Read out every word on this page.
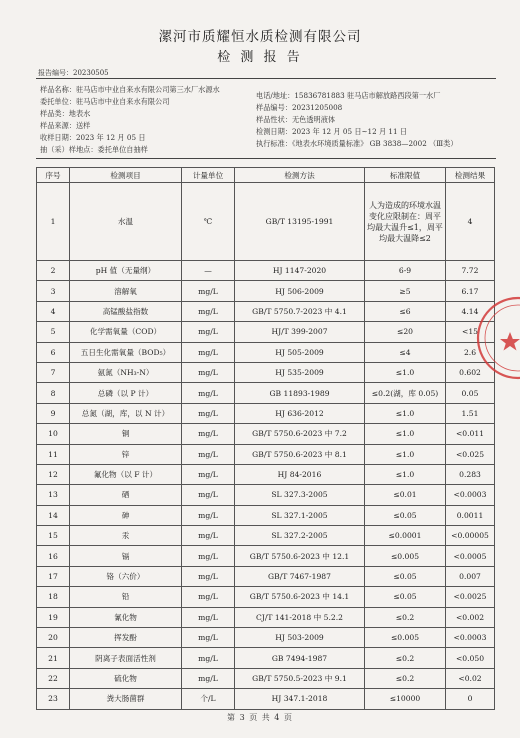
漯河市质耀恒水质检测有限公司
检 测 报 告
报告编号：20230505
样品名称：驻马店市中业自来水有限公司第三水厂水源水
委托单位：驻马店市中业自来水有限公司
样品类：地表水
样品来源：送样
收样日期：2023 年 12 月 05 日
抽（采）样地点：委托单位自抽样
电话/地址：15836781883 驻马店市解放路西段第一水厂
样品编号：20231205008
样品性状：无色透明液体
检测日期：2023 年 12 月 05 日~12 月 11 日
执行标准：《地表水环境质量标准》 GB 3838—2002 （Ⅲ类）
序号	检测项目	计量单位	检测方法	标准限值	检测结果
1	水温	℃	GB/T 13195-1991	人为造成的环境水温变化应限制在：周平均最大温升≤1，周平均最大温降≤2	4
2	pH 值（无量纲）	—	HJ 1147-2020	6-9	7.72
3	溶解氧	mg/L	HJ 506-2009	≥5	6.17
4	高锰酸盐指数	mg/L	GB/T 5750.7-2023 中 4.1	≤6	4.14
5	化学需氧量（COD）	mg/L	HJ/T 399-2007	≤20	<15
6	五日生化需氧量（BOD₅）	mg/L	HJ 505-2009	≤4	2.6
7	氨氮（NH₃-N）	mg/L	HJ 535-2009	≤1.0	0.602
8	总磷（以 P 计）	mg/L	GB 11893-1989	≤0.2(湖，库 0.05)	0.05
9	总氮（湖，库，以 N 计）	mg/L	HJ 636-2012	≤1.0	1.51
10	铜	mg/L	GB/T 5750.6-2023 中 7.2	≤1.0	<0.011
11	锌	mg/L	GB/T 5750.6-2023 中 8.1	≤1.0	<0.025
12	氟化物（以 F 计）	mg/L	HJ 84-2016	≤1.0	0.283
13	硒	mg/L	SL 327.3-2005	≤0.01	<0.0003
14	砷	mg/L	SL 327.1-2005	≤0.05	0.0011
15	汞	mg/L	SL 327.2-2005	≤0.0001	<0.00005
16	镉	mg/L	GB/T 5750.6-2023 中 12.1	≤0.005	<0.0005
17	铬（六价）	mg/L	GB/T 7467-1987	≤0.05	0.007
18	铅	mg/L	GB/T 5750.6-2023 中 14.1	≤0.05	<0.0025
19	氰化物	mg/L	CJ/T 141-2018 中 5.2.2	≤0.2	<0.002
20	挥发酚	mg/L	HJ 503-2009	≤0.005	<0.0003
21	阴离子表面活性剂	mg/L	GB 7494-1987	≤0.2	<0.050
22	硫化物	mg/L	GB/T 5750.5-2023 中 9.1	≤0.2	<0.02
23	粪大肠菌群	个/L	HJ 347.1-2018	≤10000	0
第 3 页 共 4 页
